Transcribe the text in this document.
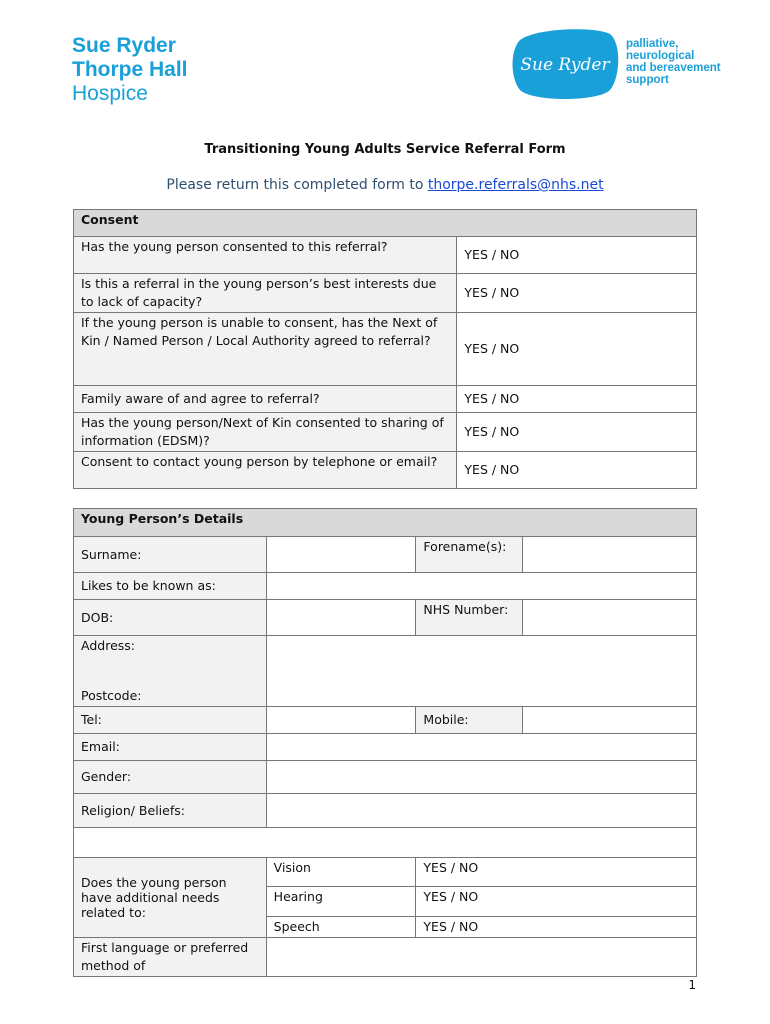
Sue Ryder
Thorpe Hall
Hospice
Sue Ryder
palliative,
neurological
and bereavement
support
Transitioning Young Adults Service Referral Form
Please return this completed form to thorpe.referrals@nhs.net
Consent	
Has the young person consented to this referral?	YES / NO
Is this a referral in the young person’s best interests due to lack of capacity?	YES / NO
If the young person is unable to consent, has the Next of Kin / Named Person / Local Authority agreed to referral?	YES / NO
Family aware of and agree to referral?	YES / NO
Has the young person/Next of Kin consented to sharing of information (EDSM)?	YES / NO
Consent to contact young person by telephone or email?	YES / NO
Young Person’s Details			
Surname:		Forename(s):	
Likes to be known as:			
DOB:		NHS Number:	

Address:
Postcode:			

Tel:		Mobile:	
Email:			
Gender:			
Religion/ Beliefs:			

Does the young person have additional needs related to:	Vision	YES / NO	
	Hearing	YES / NO	
	Speech	YES / NO	
First language or preferred method of			
1
